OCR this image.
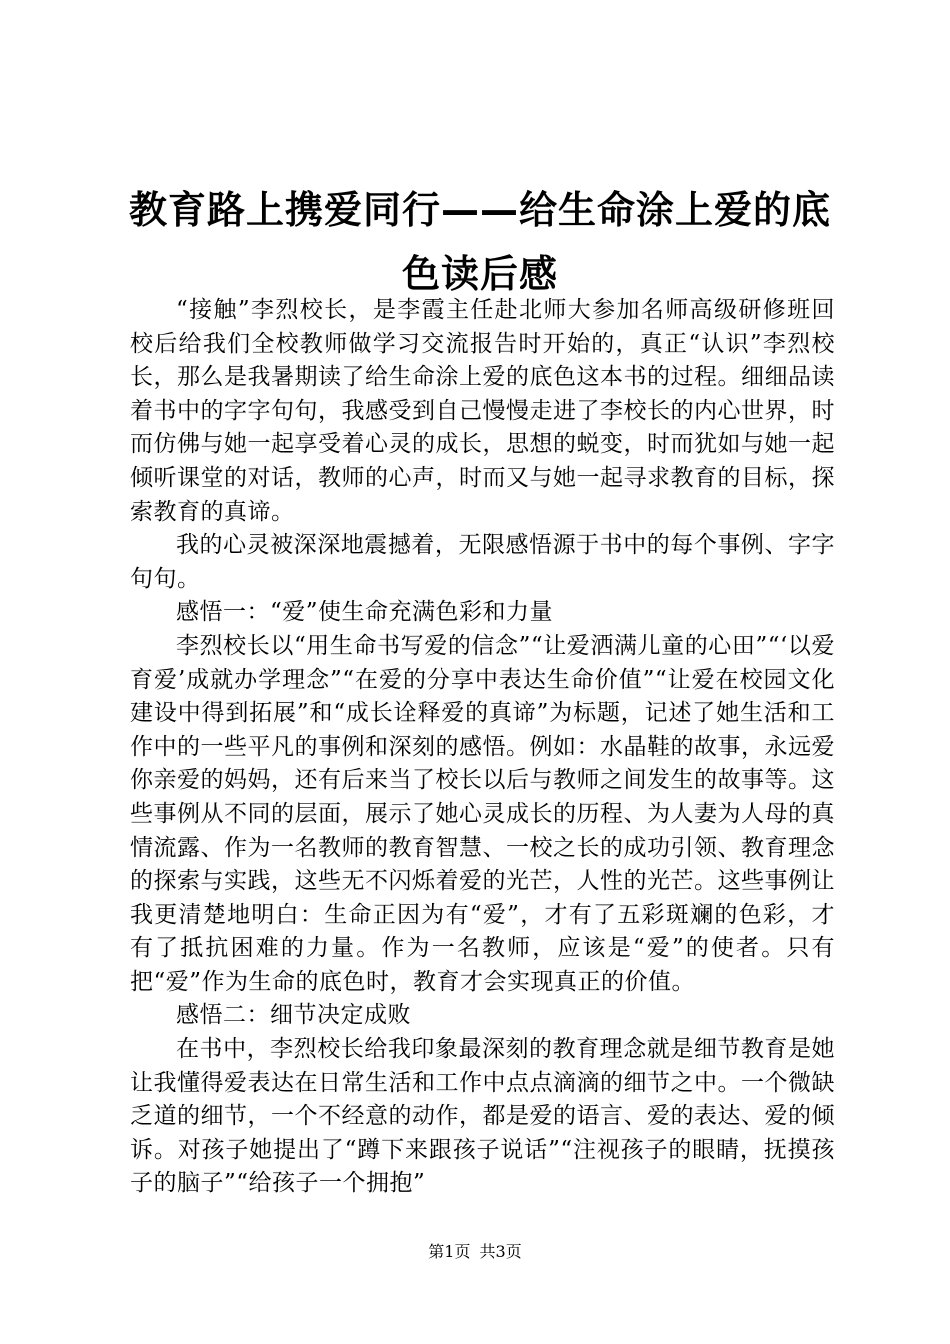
教育路上携爱同行——给生命涂上爱的底色读后感

“接触”李烈校长，是李霞主任赴北师大参加名师高级研修班回校后给我们全校教师做学习交流报告时开始的，真正“认识”李烈校长，那么是我暑期读了给生命涂上爱的底色这本书的过程。细细品读着书中的字字句句，我感受到自己慢慢走进了李校长的内心世界，时而仿佛与她一起享受着心灵的成长，思想的蜕变，时而犹如与她一起倾听课堂的对话，教师的心声，时而又与她一起寻求教育的目标，探索教育的真谛。

我的心灵被深深地震撼着，无限感悟源于书中的每个事例、字字句句。

感悟一：“爱”使生命充满色彩和力量

李烈校长以“用生命书写爱的信念”“让爱洒满儿童的心田”“‘以爱育爱’成就办学理念”“在爱的分享中表达生命价值”“让爱在校园文化建设中得到拓展”和“成长诠释爱的真谛”为标题，记述了她生活和工作中的一些平凡的事例和深刻的感悟。例如：水晶鞋的故事，永远爱你亲爱的妈妈，还有后来当了校长以后与教师之间发生的故事等。这些事例从不同的层面，展示了她心灵成长的历程、为人妻为人母的真情流露、作为一名教师的教育智慧、一校之长的成功引领、教育理念的探索与实践，这些无不闪烁着爱的光芒，人性的光芒。这些事例让我更清楚地明白：生命正因为有“爱”，才有了五彩斑斓的色彩，才有了抵抗困难的力量。作为一名教师，应该是“爱”的使者。只有把“爱”作为生命的底色时，教育才会实现真正的价值。

感悟二：细节决定成败

在书中，李烈校长给我印象最深刻的教育理念就是细节教育是她让我懂得爱表达在日常生活和工作中点点滴滴的细节之中。一个微缺乏道的细节，一个不经意的动作，都是爱的语言、爱的表达、爱的倾诉。对孩子她提出了“蹲下来跟孩子说话”“注视孩子的眼睛，抚摸孩子的脑子”“给孩子一个拥抱”

第1页 共3页
